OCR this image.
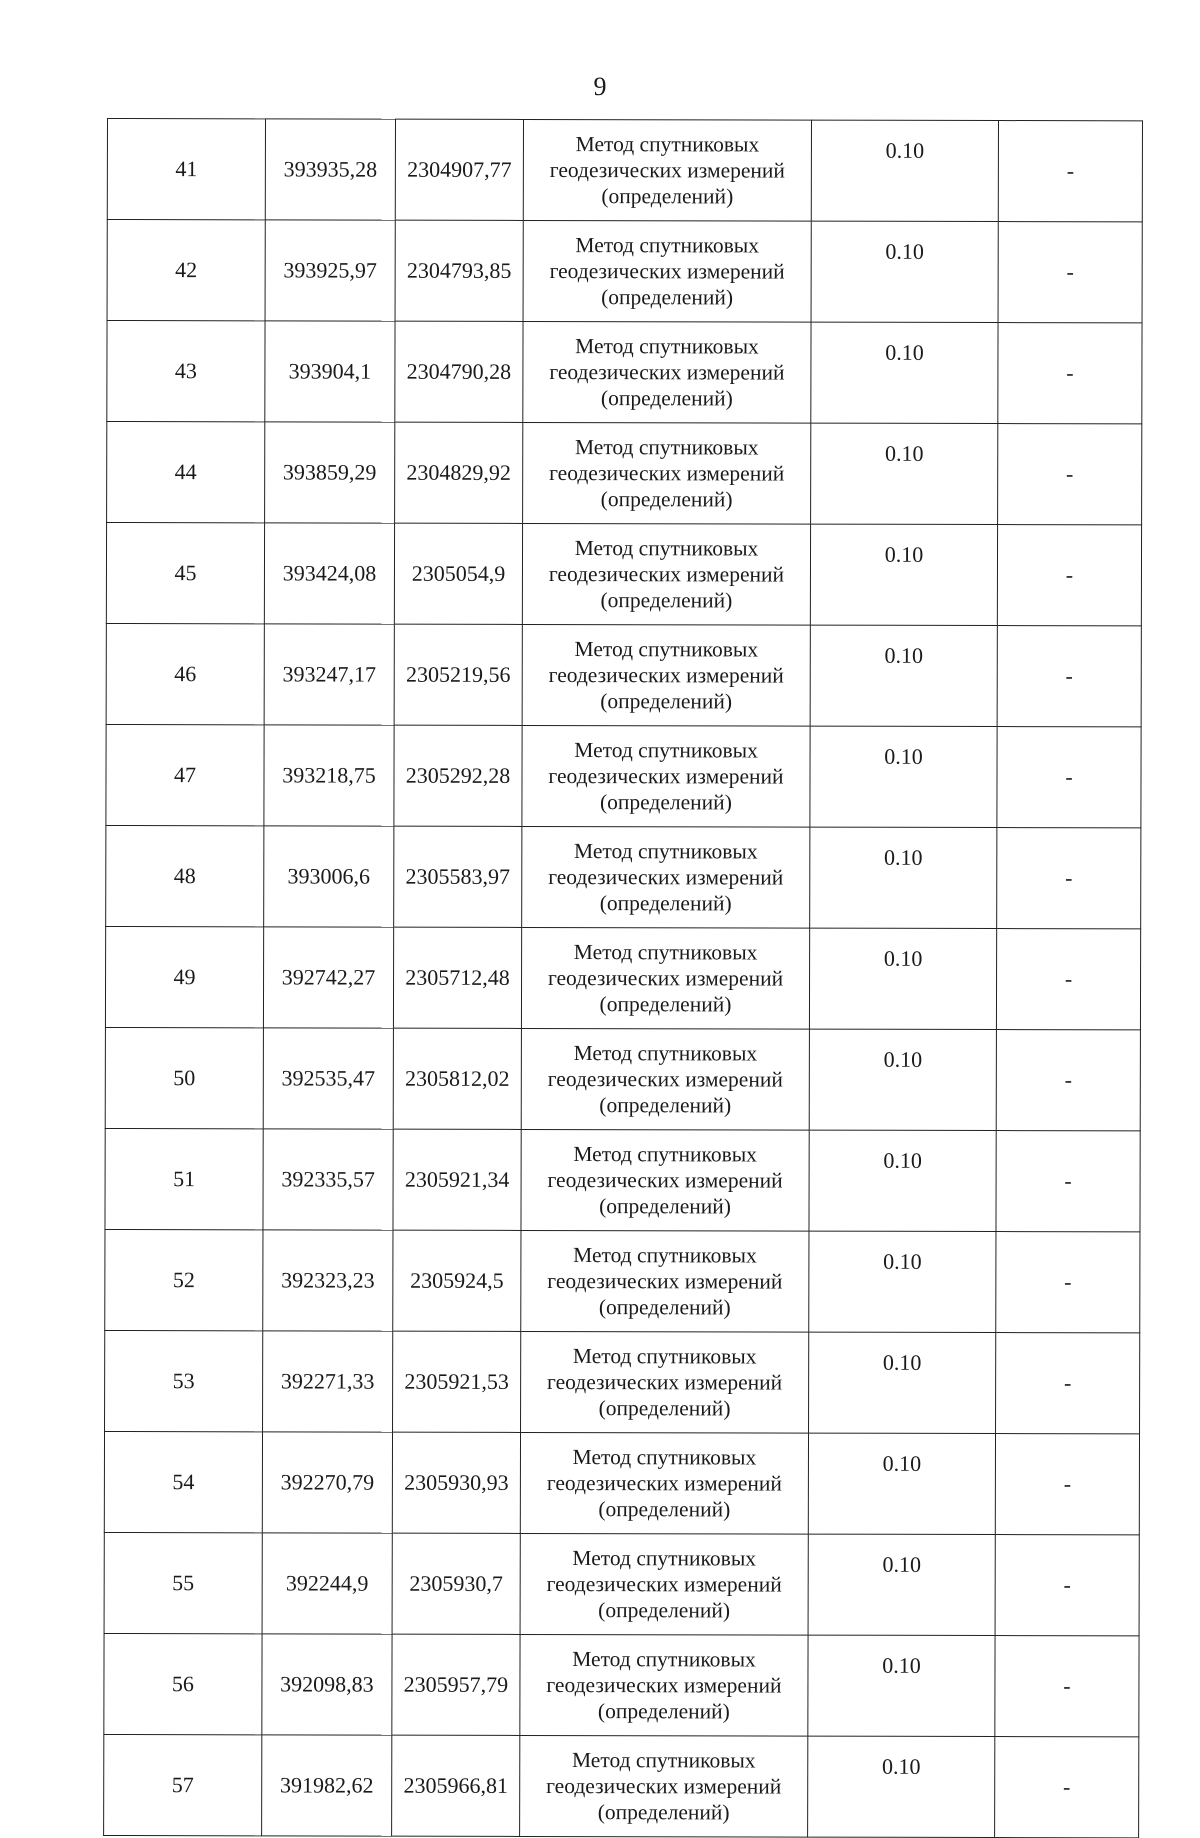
9
41	393935,28	2304907,77	Метод спутниковых
геодезических измерений
(определений)	0.10	-
42	393925,97	2304793,85	Метод спутниковых
геодезических измерений
(определений)	0.10	-
43	393904,1	2304790,28	Метод спутниковых
геодезических измерений
(определений)	0.10	-
44	393859,29	2304829,92	Метод спутниковых
геодезических измерений
(определений)	0.10	-
45	393424,08	2305054,9	Метод спутниковых
геодезических измерений
(определений)	0.10	-
46	393247,17	2305219,56	Метод спутниковых
геодезических измерений
(определений)	0.10	-
47	393218,75	2305292,28	Метод спутниковых
геодезических измерений
(определений)	0.10	-
48	393006,6	2305583,97	Метод спутниковых
геодезических измерений
(определений)	0.10	-
49	392742,27	2305712,48	Метод спутниковых
геодезических измерений
(определений)	0.10	-
50	392535,47	2305812,02	Метод спутниковых
геодезических измерений
(определений)	0.10	-
51	392335,57	2305921,34	Метод спутниковых
геодезических измерений
(определений)	0.10	-
52	392323,23	2305924,5	Метод спутниковых
геодезических измерений
(определений)	0.10	-
53	392271,33	2305921,53	Метод спутниковых
геодезических измерений
(определений)	0.10	-
54	392270,79	2305930,93	Метод спутниковых
геодезических измерений
(определений)	0.10	-
55	392244,9	2305930,7	Метод спутниковых
геодезических измерений
(определений)	0.10	-
56	392098,83	2305957,79	Метод спутниковых
геодезических измерений
(определений)	0.10	-
57	391982,62	2305966,81	Метод спутниковых
геодезических измерений
(определений)	0.10	-
